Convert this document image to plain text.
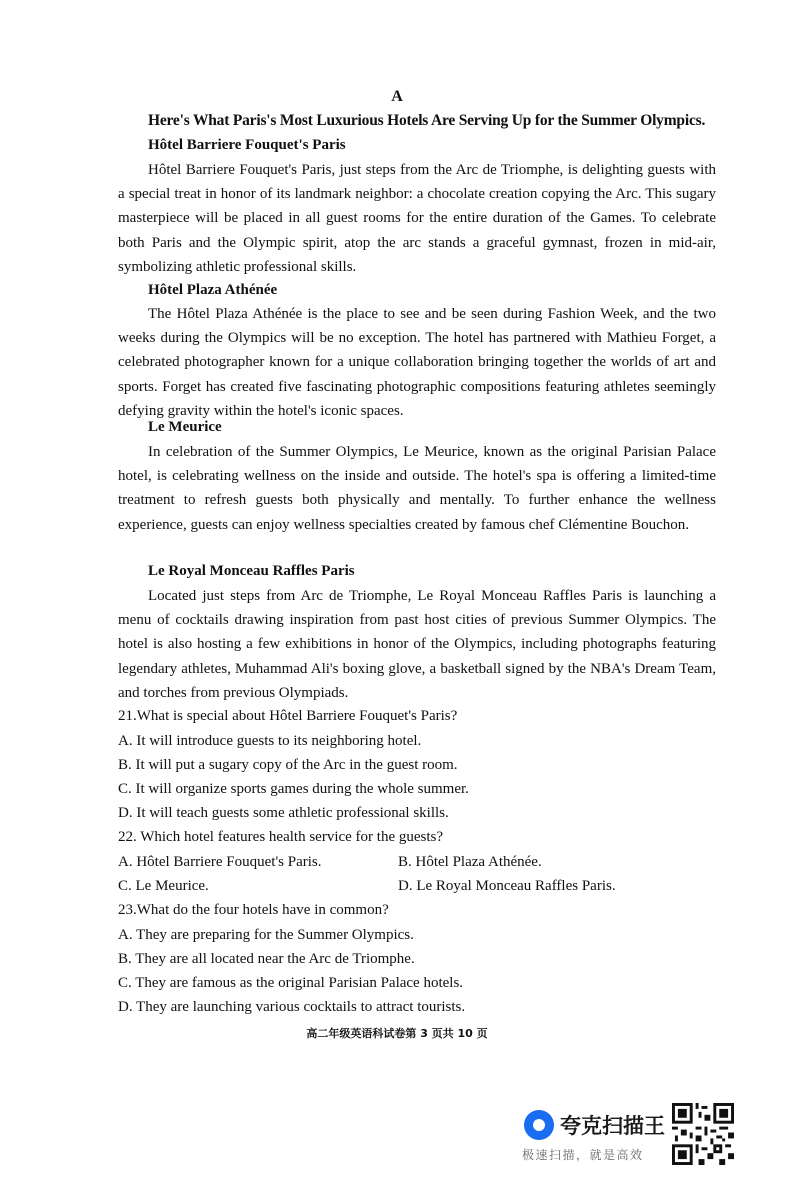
A
Here's What Paris's Most Luxurious Hotels Are Serving Up for the Summer Olympics.
Hôtel Barriere Fouquet's Paris

Hôtel Barriere Fouquet's Paris, just steps from the Arc de Triomphe, is delighting guests with a special treat in honor of its landmark neighbor: a chocolate creation copying the Arc. This sugary masterpiece will be placed in all guest rooms for the entire duration of the Games. To celebrate both Paris and the Olympic spirit, atop the arc stands a graceful gymnast, frozen in mid-air, symbolizing athletic professional skills.

Hôtel Plaza Athénée

The Hôtel Plaza Athénée is the place to see and be seen during Fashion Week, and the two weeks during the Olympics will be no exception. The hotel has partnered with Mathieu Forget, a celebrated photographer known for a unique collaboration bringing together the worlds of art and sports. Forget has created five fascinating photographic compositions featuring athletes seemingly defying gravity within the hotel's iconic spaces.

Le Meurice

In celebration of the Summer Olympics, Le Meurice, known as the original Parisian Palace hotel, is celebrating wellness on the inside and outside. The hotel's spa is offering a limited-time treatment to refresh guests both physically and mentally. To further enhance the wellness experience, guests can enjoy wellness specialties created by famous chef Clémentine Bouchon.

Le Royal Monceau Raffles Paris

Located just steps from Arc de Triomphe, Le Royal Monceau Raffles Paris is launching a menu of cocktails drawing inspiration from past host cities of previous Summer Olympics. The hotel is also hosting a few exhibitions in honor of the Olympics, including photographs featuring legendary athletes, Muhammad Ali's boxing glove, a basketball signed by the NBA's Dream Team, and torches from previous Olympiads.

21.What is special about Hôtel Barriere Fouquet's Paris?
A. It will introduce guests to its neighboring hotel.
B. It will put a sugary copy of the Arc in the guest room.
C. It will organize sports games during the whole summer.
D. It will teach guests some athletic professional skills.
22. Which hotel features health service for the guests?
A. Hôtel Barriere Fouquet's Paris.	B. Hôtel Plaza Athénée.
C. Le Meurice.	D. Le Royal Monceau Raffles Paris.
23.What do the four hotels have in common?
A. They are preparing for the Summer Olympics.
B. They are all located near the Arc de Triomphe.
C. They are famous as the original Parisian Palace hotels.
D. They are launching various cocktails to attract tourists.
高二年级英语科试卷第 3 页共 10 页
夸克扫描王
极速扫描，就是高效
